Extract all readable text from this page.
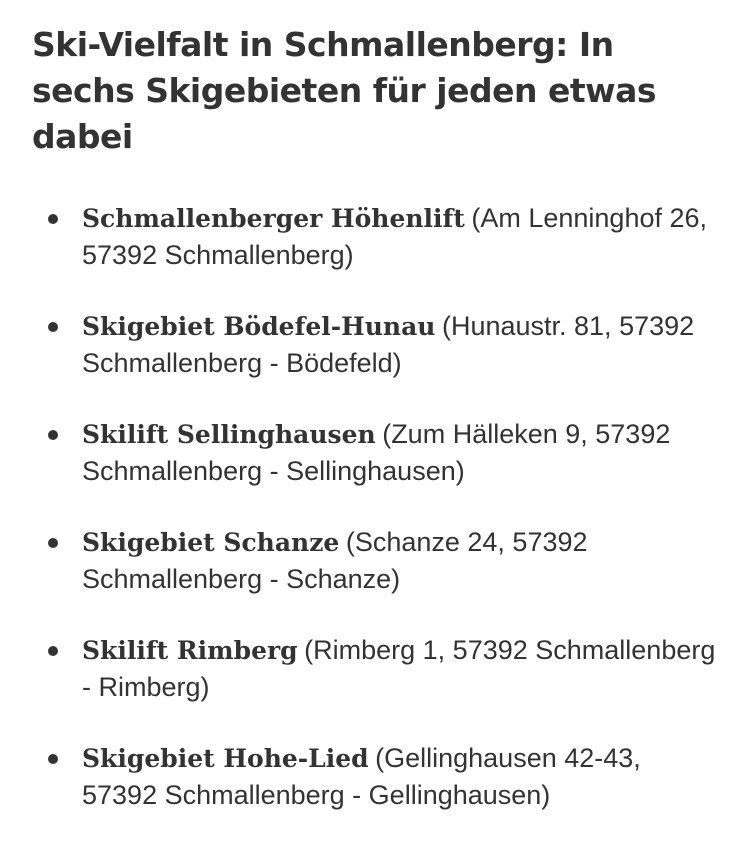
Ski-Vielfalt in Schmallenberg: In sechs Skigebieten für jeden etwas dabei
Schmallenberger Höhenlift (Am Lenninghof 26, 57392 Schmallenberg)
Skigebiet Bödefel-Hunau (Hunaustr. 81, 57392 Schmallenberg - Bödefeld)
Skilift Sellinghausen (Zum Hälleken 9, 57392 Schmallenberg - Sellinghausen)
Skigebiet Schanze (Schanze 24, 57392 Schmallenberg - Schanze)
Skilift Rimberg (Rimberg 1, 57392 Schmallenberg - Rimberg)
Skigebiet Hohe-Lied (Gellinghausen 42-43, 57392 Schmallenberg - Gellinghausen)
